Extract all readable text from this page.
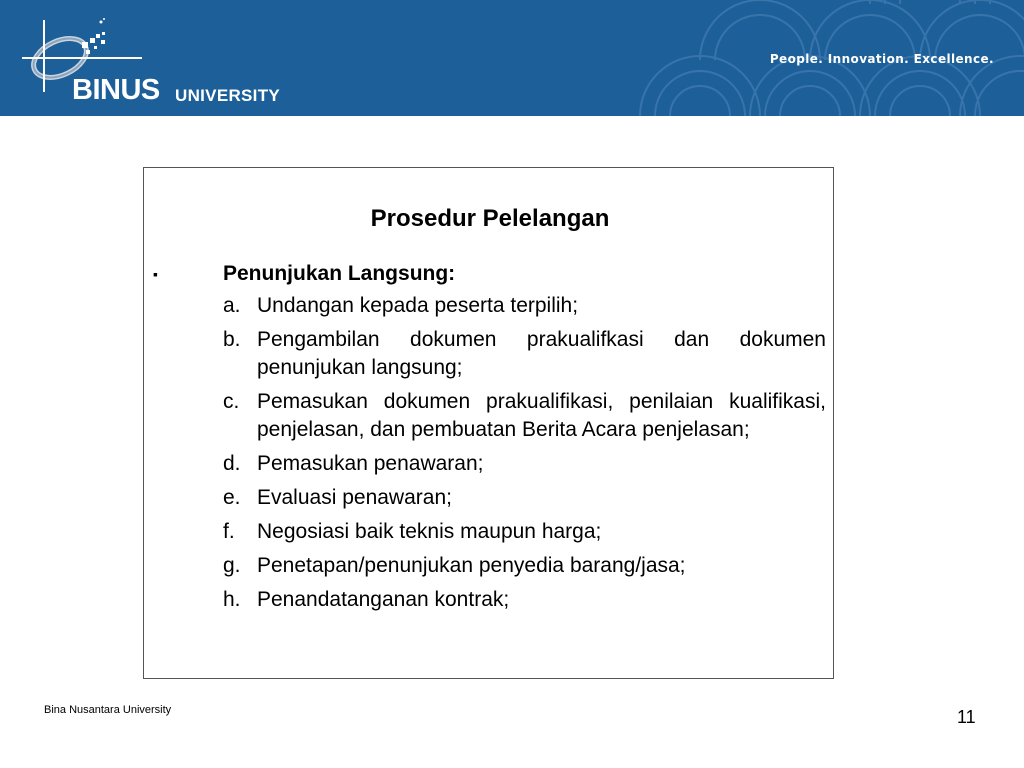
BINUS UNIVERSITY
People. Innovation. Excellence.
Prosedur Pelelangan
▪	Penunjukan Langsung:
a. Undangan kepada peserta terpilih;
b. Pengambilan dokumen prakualifkasi dan dokumen penunjukan langsung;
c. Pemasukan dokumen prakualifikasi, penilaian kualifikasi, penjelasan, dan pembuatan Berita Acara penjelasan;
d. Pemasukan penawaran;
e. Evaluasi penawaran;
f.	Negosiasi baik teknis maupun harga;
g. Penetapan/penunjukan penyedia barang/jasa;
h. Penandatanganan kontrak;
Bina Nusantara University	11
